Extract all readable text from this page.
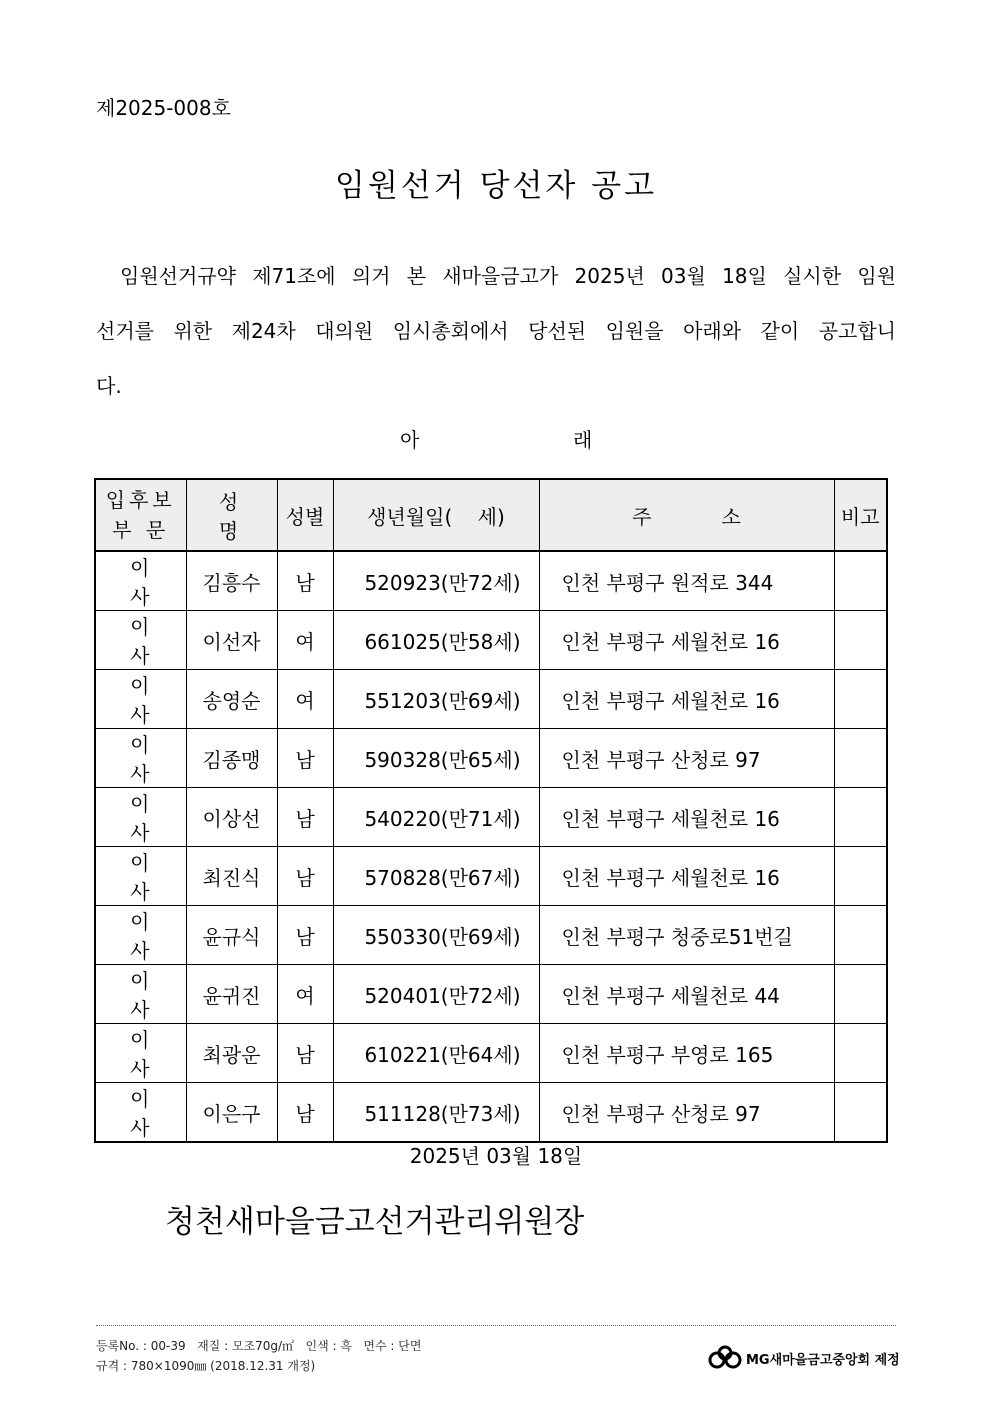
제2025-008호
임원선거 당선자 공고
임원선거규약 제71조에 의거 본 새마을금고가 2025년 03월 18일 실시한 임원
선거를 위한 제24차 대의원 임시총회에서 당선된 임원을 아래와 같이 공고합니
다.
아	래
입후보
부 문	성 명	성별	생년월일(    세)	주 소	비고
이사	김흥수	남	520923(만72세)	인천 부평구 원적로 344	
이사	이선자	여	661025(만58세)	인천 부평구 세월천로 16	
이사	송영순	여	551203(만69세)	인천 부평구 세월천로 16	
이사	김종맹	남	590328(만65세)	인천 부평구 산청로 97	
이사	이상선	남	540220(만71세)	인천 부평구 세월천로 16	
이사	최진식	남	570828(만67세)	인천 부평구 세월천로 16	
이사	윤규식	남	550330(만69세)	인천 부평구 청중로51번길	
이사	윤귀진	여	520401(만72세)	인천 부평구 세월천로 44	
이사	최광운	남	610221(만64세)	인천 부평구 부영로 165	
이사	이은구	남	511128(만73세)	인천 부평구 산청로 97	
2025년 03월 18일
청천새마을금고선거관리위원장
등록No. : 00-39   재질 : 모조70g/㎡   인색 : 흑   면수 : 단면
규격 : 780×1090㎜ (2018.12.31 개정)	MG새마을금고중앙회 제정
